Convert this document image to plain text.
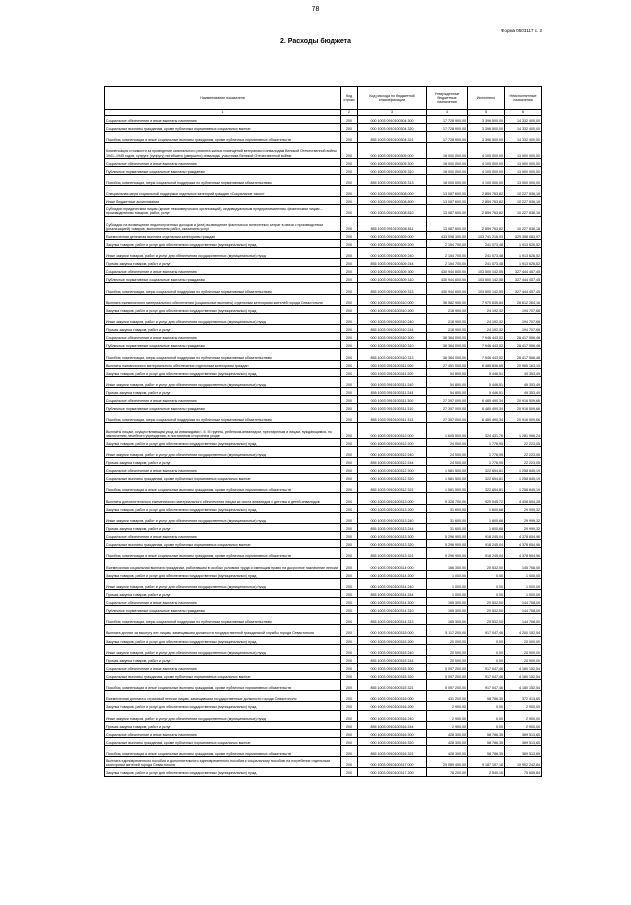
78
Форма 0503117 с. 2
2. Расходы бюджета
Наименование показателя	Код строки	Код расхода по бюджетной классификации	Утвержденные бюджетные назначения	Исполнено	Неисполненные назначения
1	2	3	4	5	6
Социальное обеспечение и иные выплаты населению	200	000 1003 0910100304 300	17 728 900,00	3 396 500,00	14 332 400,00
Социальные выплаты гражданам, кроме публичных нормативных социальных выплат	200	000 1003 0910100304 320	17 728 900,00	3 396 500,00	14 332 400,00
Пособия, компенсации и иные социальные выплаты гражданам, кроме публичных нормативных обязательств	200	855 1003 0910100304 321	17 728 900,00	3 396 500,00	14 332 400,00
Компенсация стоимости за проведение капитального ремонта жилых помещений ветеранам и инвалидам Великой Отечественной войны 1941–1945 годов, супруге (супругу) погибшего (умершего) инвалида, участника Великой Отечественной войны	200	000 1003 0910100305 000	18 000 000,00	4 100 000,00	13 900 000,00
Социальное обеспечение и иные выплаты населению	200	000 1003 0910100305 300	18 000 000,00	4 100 000,00	13 900 000,00
Публичные нормативные социальные выплаты гражданам	200	000 1003 0910100305 310	18 000 000,00	4 100 000,00	13 900 000,00
Пособия, компенсации, меры социальной поддержки по публичным нормативным обязательствам	200	855 1003 0910100305 313	18 000 000,00	4 100 000,00	13 900 000,00
Специальная мера социальной поддержки отдельных категорий граждан «Социальное такси»	200	000 1003 0910100308 000	13 087 600,00	2 859 763,82	10 227 836,18
Иные бюджетные ассигнования	200	000 1003 0910100308 800	13 087 600,00	2 859 763,82	10 227 836,18
Субсидии юридическим лицам (кроме некоммерческих организаций), индивидуальным предпринимателям, физическим лицам – производителям товаров, работ, услуг	200	000 1003 0910100308 810	13 087 600,00	2 859 763,82	10 227 836,18
Субсидии на возмещение недополученных доходов и (или) возмещение фактически понесенных затрат в связи с производством (реализацией) товаров, выполнением работ, оказанием услуг	200	855 1003 0910100308 811	13 087 600,00	2 859 763,82	10 227 836,18
Ежемесячная денежная выплата отдельным категориям граждан	200	000 1003 0910100309 000	433 098 300,00	103 741 216,03	329 358 083,97
Закупка товаров, работ и услуг для обеспечения государственных (муниципальных) нужд	200	000 1003 0910100309 200	2 154 700,00	241 073,48	1 913 626,52
Иные закупки товаров, работ и услуг для обеспечения государственных (муниципальных) нужд	200	000 1003 0910100309 240	2 154 700,00	241 073,48	1 913 626,52
Прочая закупка товаров, работ и услуг	200	855 1003 0910100309 244	2 154 700,00	241 073,48	1 913 626,52
Социальное обеспечение и иные выплаты населению	200	000 1003 0910100309 300	430 944 600,00	103 500 142,55	327 444 457,45
Публичные нормативные социальные выплаты гражданам	200	000 1003 0910100309 310	430 944 600,00	103 500 142,55	327 444 457,45
Пособия, компенсации, меры социальной поддержки по публичным нормативным обязательствам	200	855 1003 0910100309 313	430 944 600,00	103 500 142,55	327 444 457,45
Выплата ежемесячного материального обеспечения (социальные выплаты) отдельным категориям жителей города Севастополя	200	000 1003 0910100310 000	36 582 900,00	7 970 635,84	28 612 264,16
Закупка товаров, работ и услуг для обеспечения государственных (муниципальных) нужд	200	000 1003 0910100310 200	218 900,00	24 192,32	194 707,68
Иные закупки товаров, работ и услуг для обеспечения государственных (муниципальных) нужд	200	000 1003 0910100310 240	218 900,00	24 192,32	194 707,68
Прочая закупка товаров, работ и услуг	200	855 1003 0910100310 244	218 900,00	24 192,32	194 707,68
Социальное обеспечение и иные выплаты населению	200	000 1003 0910100310 300	36 364 000,00	7 946 443,52	28 417 556,48
Публичные нормативные социальные выплаты гражданам	200	000 1003 0910100310 310	36 364 000,00	7 946 443,52	28 417 556,48
Пособия, компенсации, меры социальной поддержки по публичным нормативным обязательствам	200	855 1003 0910100310 313	36 364 000,00	7 946 443,52	28 417 556,48
Выплаты ежемесячного материального обеспечения отдельным категориям граждан	200	000 1003 0910100311 000	27 451 000,00	6 485 836,65	20 965 163,15
Закупка товаров, работ и услуг для обеспечения государственных (муниципальных) нужд	200	000 1003 0910100311 200	54 800,00	5 446,51	49 353,49
Иные закупки товаров, работ и услуг для обеспечения государственных (муниципальных) нужд	200	000 1003 0910100311 240	54 800,00	5 446,51	49 353,49
Прочая закупка товаров, работ и услуг	200	855 1003 0910100311 244	54 800,00	5 446,51	49 353,49
Социальное обеспечение и иные выплаты населению	200	000 1003 0910100311 300	27 397 000,00	6 480 490,34	20 916 509,66
Публичные нормативные социальные выплаты гражданам	200	000 1003 0910100311 310	27 397 000,00	6 480 490,34	20 916 509,66
Пособия, компенсации, меры социальной поддержки по публичным нормативным обязательствам	200	855 1003 0910100311 313	27 397 000,00	6 480 490,34	20 916 509,66
Выплаты лицам, осуществляющим уход за инвалидами I, II, III группы, ребенком-инвалидом, престарелым и лицам, нуждающимся, по заключению лечебного учреждения, в постоянном стороннем уходе	200	000 1003 0910100312 000	1 605 500,00	324 431,76	1 281 068,24
Закупка товаров, работ и услуг для обеспечения государственных (муниципальных) нужд	200	000 1003 0910100312 200	24 000,00	1 776,95	22 223,05
Иные закупки товаров, работ и услуг для обеспечения государственных (муниципальных) нужд	200	000 1003 0910100312 240	24 000,00	1 776,95	22 223,05
Прочая закупка товаров, работ и услуг	200	855 1003 0910100312 244	24 000,00	1 776,95	22 223,05
Социальное обеспечение и иные выплаты населению	200	000 1003 0910100312 300	1 581 500,00	322 654,81	1 258 845,19
Социальные выплаты гражданам, кроме публичных нормативных социальных выплат	200	000 1003 0910100312 320	1 581 500,00	322 654,81	1 258 845,19
Пособия, компенсации и иные социальные выплаты гражданам, кроме публичных нормативных обязательств	200	855 1003 0910100312 321	1 581 500,00	322 654,81	1 258 845,19
Выплаты дополнительного ежемесячного материального обеспечения лицам из числа инвалидов с детства и детей-инвалидов	200	000 1003 0910100313 000	5 328 700,00	920 045,72	4 408 654,28
Закупка товаров, работ и услуг для обеспечения государственных (муниципальных) нужд	200	000 1003 0910100313 200	31 600,00	1 600,68	29 999,32
Иные закупки товаров, работ и услуг для обеспечения государственных (муниципальных) нужд	200	000 1003 0910100313 240	31 600,00	1 600,68	29 999,32
Прочая закупка товаров, работ и услуг	200	855 1003 0910100313 244	31 600,00	1 600,68	29 999,32
Социальное обеспечение и иные выплаты населению	200	000 1003 0910100313 300	5 296 900,00	918 245,04	4 378 654,96
Социальные выплаты гражданам, кроме публичных нормативных социальных выплат	200	000 1003 0910100313 320	5 296 900,00	918 245,04	4 378 654,96
Пособия, компенсации и иные социальные выплаты гражданам, кроме публичных нормативных обязательств	200	855 1003 0910100313 321	5 296 900,00	918 245,04	4 378 654,96
Ежемесячная социальная выплата гражданам, работавшим в особых условиях труда и имеющим право на досрочное назначение пенсии	200	000 1003 0910100314 000	166 300,00	20 532,00	145 768,00
Закупка товаров, работ и услуг для обеспечения государственных (муниципальных) нужд	200	000 1003 0910100314 200	1 000,00	0,00	1 000,00
Иные закупки товаров, работ и услуг для обеспечения государственных (муниципальных) нужд	200	000 1003 0910100314 240	1 000,00	0,00	1 000,00
Прочая закупка товаров, работ и услуг	200	855 1003 0910100314 244	1 000,00	0,00	1 000,00
Социальное обеспечение и иные выплаты населению	200	000 1003 0910100314 300	165 300,00	20 532,00	144 768,00
Публичные нормативные социальные выплаты гражданам	200	000 1003 0910100314 310	165 300,00	20 532,00	144 768,00
Пособия, компенсации, меры социальной поддержки по публичным нормативным обязательствам	200	855 1003 0910100314 313	165 300,00	20 532,00	144 768,00
Выплата доплат за выслугу лет лицам, замещавшим должности государственной гражданской службы города Севастополя	200	000 1003 0910100315 000	5 117 200,00	917 047,46	4 200 152,54
Закупка товаров, работ и услуг для обеспечения государственных (муниципальных) нужд	200	000 1003 0910100315 200	20 000,00	0,00	20 000,00
Иные закупки товаров, работ и услуг для обеспечения государственных (муниципальных) нужд	200	000 1003 0910100315 240	20 000,00	0,00	20 000,00
Прочая закупка товаров, работ и услуг	200	855 1003 0910100315 244	20 000,00	0,00	20 000,00
Социальное обеспечение и иные выплаты населению	200	000 1003 0910100315 300	5 097 200,00	917 047,46	4 180 152,54
Социальные выплаты гражданам, кроме публичных нормативных социальных выплат	200	000 1003 0910100315 320	5 097 200,00	917 047,46	4 180 152,54
Пособия, компенсации и иные социальные выплаты гражданам, кроме публичных нормативных обязательств	200	855 1003 0910100315 321	5 097 200,00	917 047,46	4 180 152,54
Ежемесячная доплата к страховой пенсии лицам, замещавшим государственные должности города Севастополя	200	000 1003 0910100316 000	431 200,00	58 786,35	372 413,65
Закупка товаров, работ и услуг для обеспечения государственных (муниципальных) нужд	200	000 1003 0910100316 200	2 900,00	0,00	2 900,00
Иные закупки товаров, работ и услуг для обеспечения государственных (муниципальных) нужд	200	000 1003 0910100316 240	2 900,00	0,00	2 900,00
Прочая закупка товаров, работ и услуг	200	855 1003 0910100316 244	2 900,00	0,00	2 900,00
Социальное обеспечение и иные выплаты населению	200	000 1003 0910100316 300	428 300,00	58 786,35	369 513,65
Социальные выплаты гражданам, кроме публичных нормативных социальных выплат	200	000 1003 0910100316 320	428 300,00	58 786,35	369 513,65
Пособия, компенсации и иные социальные выплаты гражданам, кроме публичных нормативных обязательств	200	855 1003 0910100316 321	428 300,00	58 786,35	369 513,65
Выплата единовременного пособия и дополнительного единовременного пособия к социальному пособию на погребение отдельным категориям жителей города Севастополя	200	000 1003 0910100317 000	29 089 400,00	9 187 157,16	19 902 242,84
Закупка товаров, работ и услуг для обеспечения государственных (муниципальных) нужд	200	000 1003 0910100317 200	78 200,00	2 540,16	75 659,84
